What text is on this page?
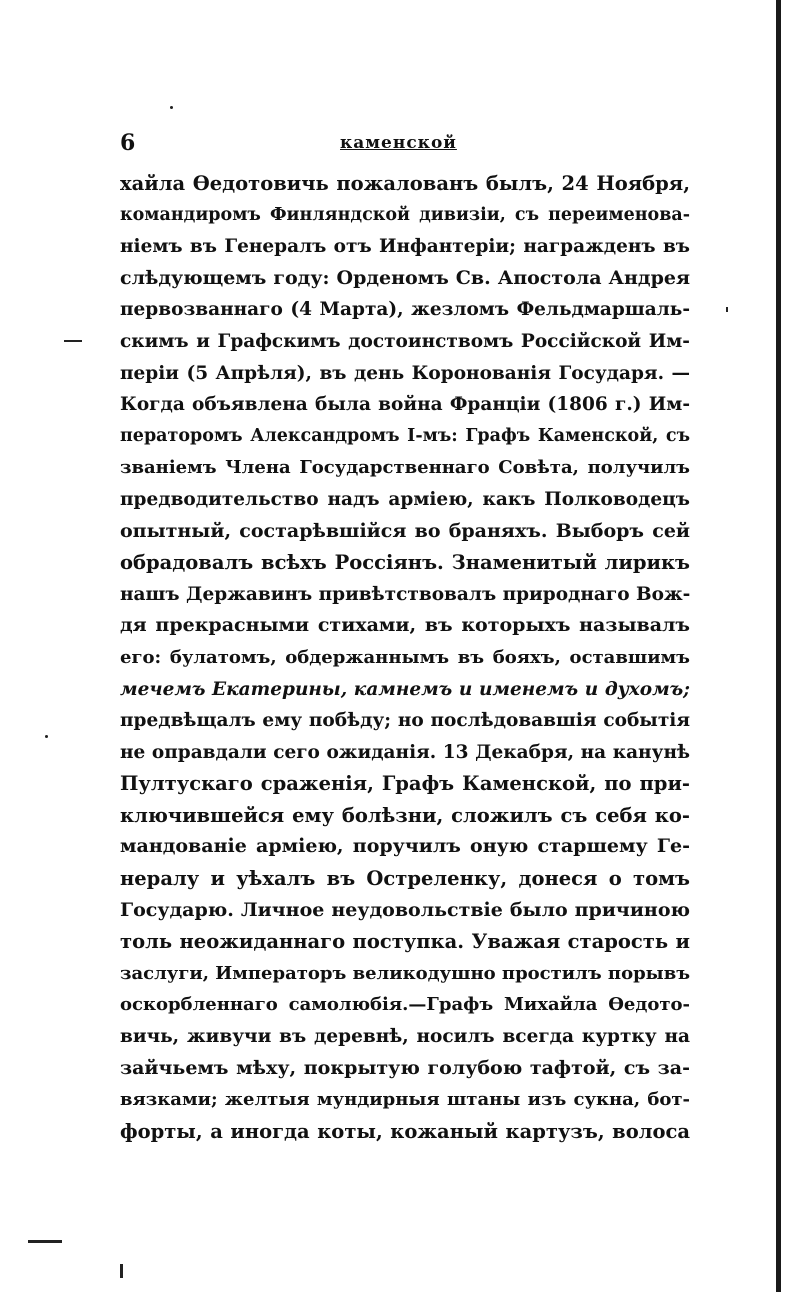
6	каменской
хайла Өедотовичь пожалованъ былъ, 24 Ноября,
командиромъ Финляндской дивизіи, съ переименова-
ніемъ въ Генералъ отъ Инфантеріи; награжденъ въ
слѣдующемъ году: Орденомъ Св. Апостола Андрея
первозваннаго (4 Марта), жезломъ Фельдмаршаль-
скимъ и Графскимъ достоинствомъ Россійской Им-
періи (5 Апрѣля), въ день Коронованія Государя. —
Когда объявлена была война Франціи (1806 г.) Им-
ператоромъ Александромъ I-мъ: Графъ Каменской, съ
званіемъ Члена Государственнаго Совѣта, получилъ
предводительство надъ арміею, какъ Полководецъ
опытный, состарѣвшійся во браняхъ. Выборъ сей
обрадовалъ всѣхъ Россіянъ. Знаменитый лирикъ
нашъ Державинъ привѣтствовалъ природнаго Вож-
дя прекрасными стихами, въ которыхъ называлъ
его: булатомъ, обдержаннымъ въ бояхъ, оставшимъ
мечемъ Екатерины, камнемъ и именемъ и духомъ;
предвѣщалъ ему побѣду; но послѣдовавшія событія
не оправдали сего ожиданія. 13 Декабря, на канунѣ
Пултускаго сраженія, Графъ Каменской, по при-
ключившейся ему болѣзни, сложилъ съ себя ко-
мандованіе арміею, поручилъ оную старшему Ге-
нералу и уѣхалъ въ Остреленку, донеся о томъ
Государю. Личное неудовольствіе было причиною
толь неожиданнаго поступка. Уважая старость и
заслуги, Императоръ великодушно простилъ порывъ
оскорбленнаго самолюбія.—Графъ Михайла Өедото-
вичь, живучи въ деревнѣ, носилъ всегда куртку на
зайчьемъ мѣху, покрытую голубою тафтой, съ за-
вязками; желтыя мундирныя штаны изъ сукна, бот-
форты, а иногда коты, кожаный картузъ, волоса
